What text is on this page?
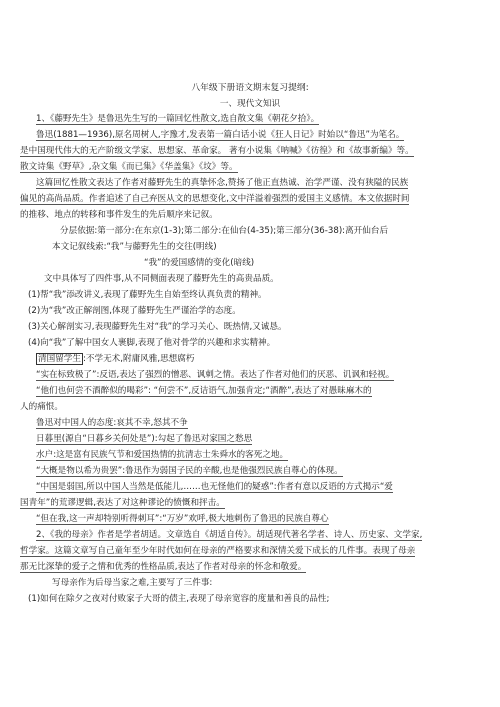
八年级下册语文期末复习提纲:

一、现代文知识

1、《藤野先生》是鲁迅先生写的一篇回忆性散文,选自散文集《朝花夕拾》。

鲁迅(1881—1936),原名周树人,字豫才,发表第一篇白话小说《狂人日记》时始以“鲁迅”为笔名。

是中国现代伟大的无产阶级文学家、思想家、革命家。 著有小说集《呐喊》《彷徨》和《故事新编》等。

散文诗集《野草》,杂文集《而已集》《华盖集》《坟》等。

这篇回忆性散文表达了作者对藤野先生的真挚怀念,赞扬了他正直热诚、治学严谨、没有狭隘的民族

偏见的高尚品质。作者追述了自己弃医从文的思想变化,文中洋溢着强烈的爱国主义感情。本文依据时间

的推移、地点的转移和事件发生的先后顺序来记叙。

分层依据:第一部分:在东京(1-3);第二部分:在仙台(4-35);第三部分(36-38):离开仙台后

本文记叙线索:“我”与藤野先生的交往(明线)

“我”的爱国感情的变化(暗线)

文中具体写了四件事,从不同侧面表现了藤野先生的高贵品质。

(1)帮“我”添改讲义,表现了藤野先生自始至终认真负责的精神。

(2)为“我”改正解剖图,体现了藤野先生严谨治学的态度。

(3)关心解剖实习,表现藤野先生对“我”的学习关心、既热情,又诚恳。

(4)向“我”了解中国女人裹脚,表现了他对骨学的兴趣和求实精神。

清国留学生 :不学无术,附庸风雅,思想腐朽

“实在标致极了”:反语,表达了强烈的憎恶、讽刺之情。表达了作者对他们的厌恶、讥讽和轻视。

“他们也何尝不酒醉似的喝彩”: “何尝不”,反诘语气,加强肯定;“酒醉”,表达了对愚昧麻木的

人的痛恨。

鲁迅对中国人的态度:哀其不幸,怒其不争

日暮里(源自“日暮乡关何处是”):勾起了鲁迅对家国之愁思

水户:这是富有民族气节和爱国热情的抗清志士朱舜水的客死之地。

“大概是物以希为贵罢”:鲁迅作为弱国子民的辛酸,也是他强烈民族自尊心的体现。

“中国是弱国,所以中国人当然是低能儿,……也无怪他们的疑惑”:作者有意以反语的方式揭示“爱

国青年”的荒谬逻辑,表达了对这种谬论的愤慨和抨击。

“但在我,这一声却特别听得刺耳”:“万岁”欢呼,极大地刺伤了鲁迅的民族自尊心

2、《我的母亲》作者是学者胡适。文章选自《胡适自传》。胡适现代著名学者、诗人、历史家、文学家,

哲学家。这篇文章写自己童年至少年时代如何在母亲的严格要求和深情关爱下成长的几件事。表现了母亲

那无比深挚的爱子之情和优秀的性格品质,表达了作者对母亲的怀念和敬爱。

写母亲作为后母当家之难,主要写了三件事:

(1)如何在除夕之夜对付败家子大哥的债主,表现了母亲宽容的度量和善良的品性;
